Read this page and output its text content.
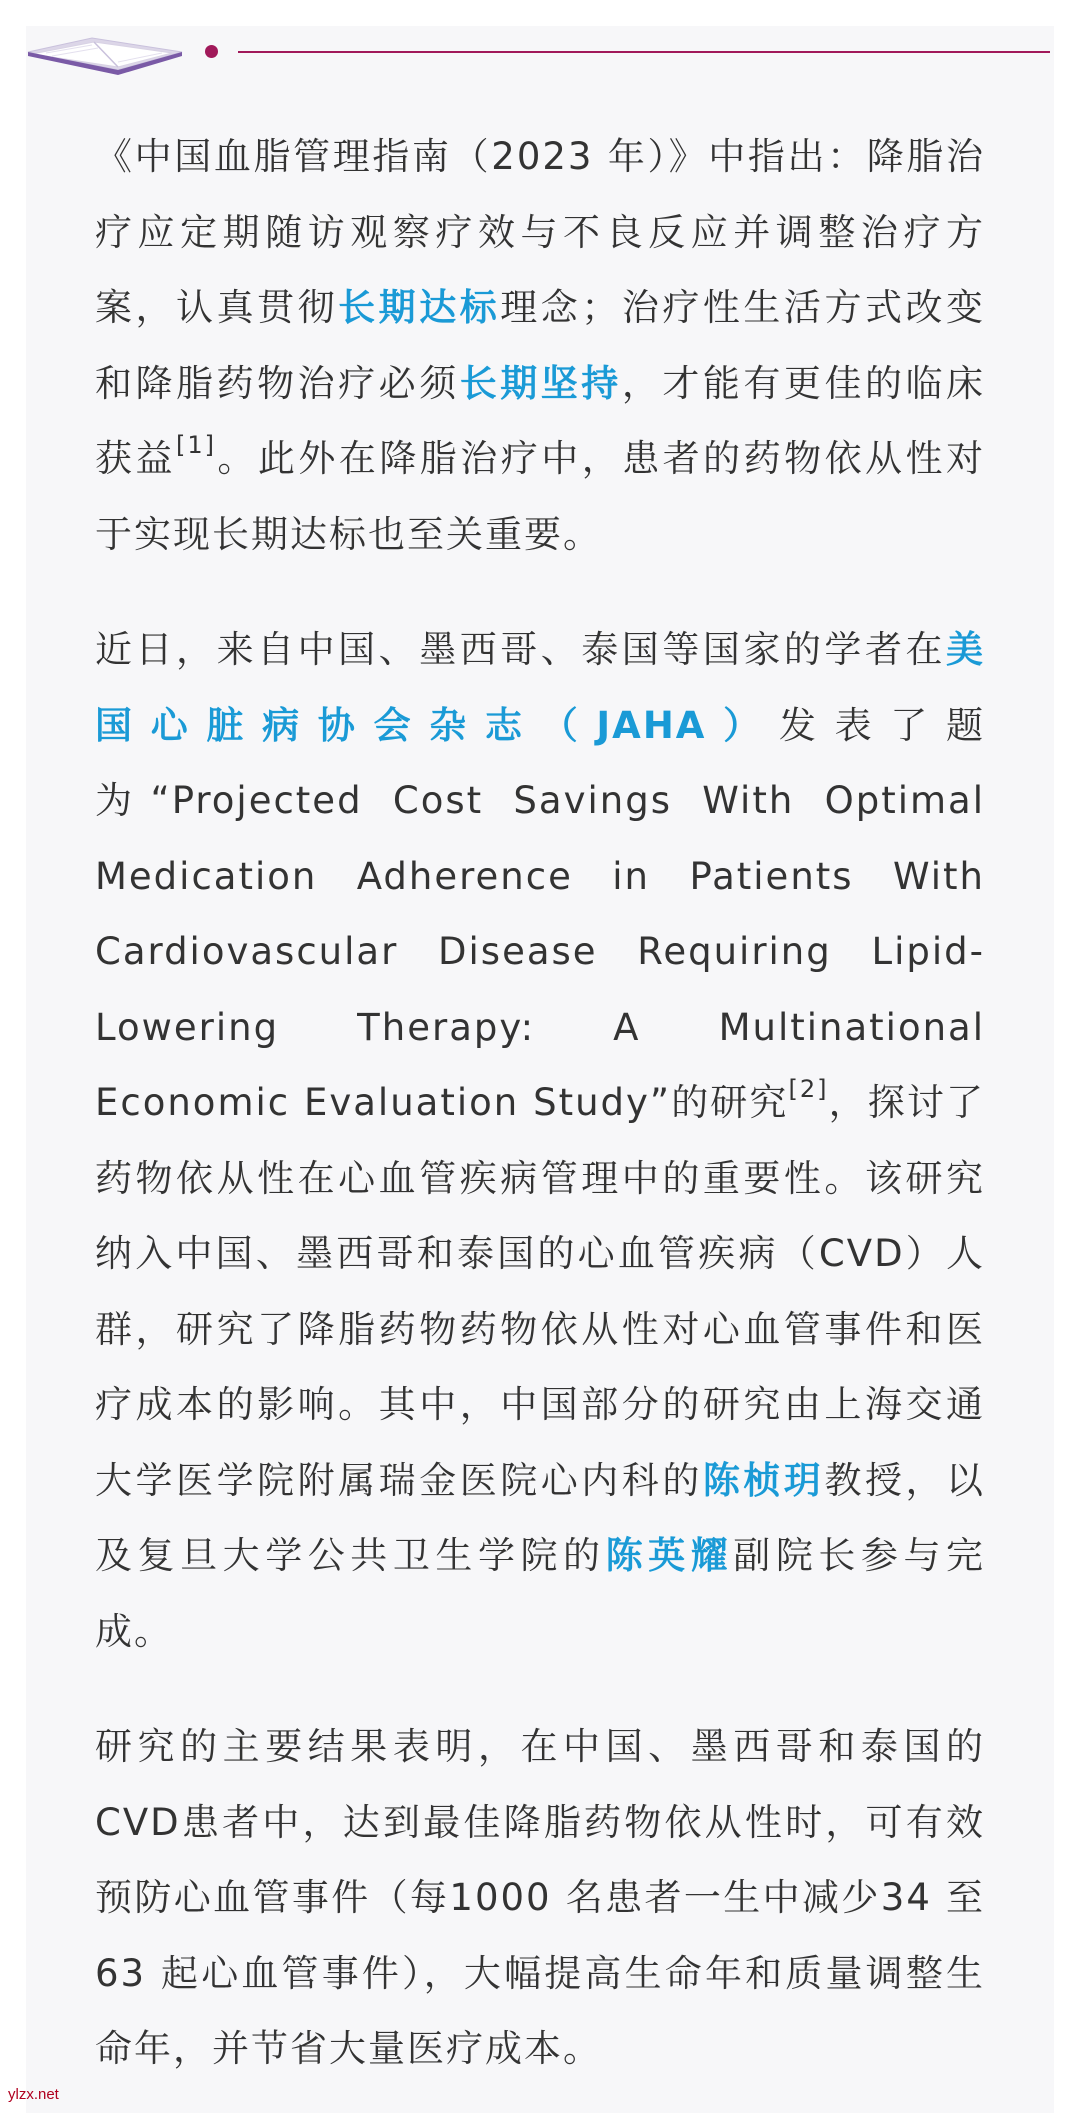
《中国血脂管理指南（2023 年）》中指出：降脂治疗应定期随访观察疗效与不良反应并调整治疗方案，认真贯彻长期达标理念；治疗性生活方式改变和降脂药物治疗必须长期坚持，才能有更佳的临床获益[1]。此外在降脂治疗中，患者的药物依从性对于实现长期达标也至关重要。

近日，来自中国、墨西哥、泰国等国家的学者在美国心脏病协会杂志（JAHA）发表了题为“Projected Cost Savings With Optimal Medication Adherence in Patients With Cardiovascular Disease Requiring Lipid-Lowering Therapy: A Multinational Economic Evaluation Study”的研究[2]，探讨了药物依从性在心血管疾病管理中的重要性。该研究纳入中国、墨西哥和泰国的心血管疾病（CVD）人群，研究了降脂药物药物依从性对心血管事件和医疗成本的影响。其中，中国部分的研究由上海交通大学医学院附属瑞金医院心内科的陈桢玥教授，以及复旦大学公共卫生学院的陈英耀副院长参与完成。

研究的主要结果表明，在中国、墨西哥和泰国的CVD患者中，达到最佳降脂药物依从性时，可有效预防心血管事件（每1000 名患者一生中减少34 至 63 起心血管事件），大幅提高生命年和质量调整生命年，并节省大量医疗成本。

ylzx.net
